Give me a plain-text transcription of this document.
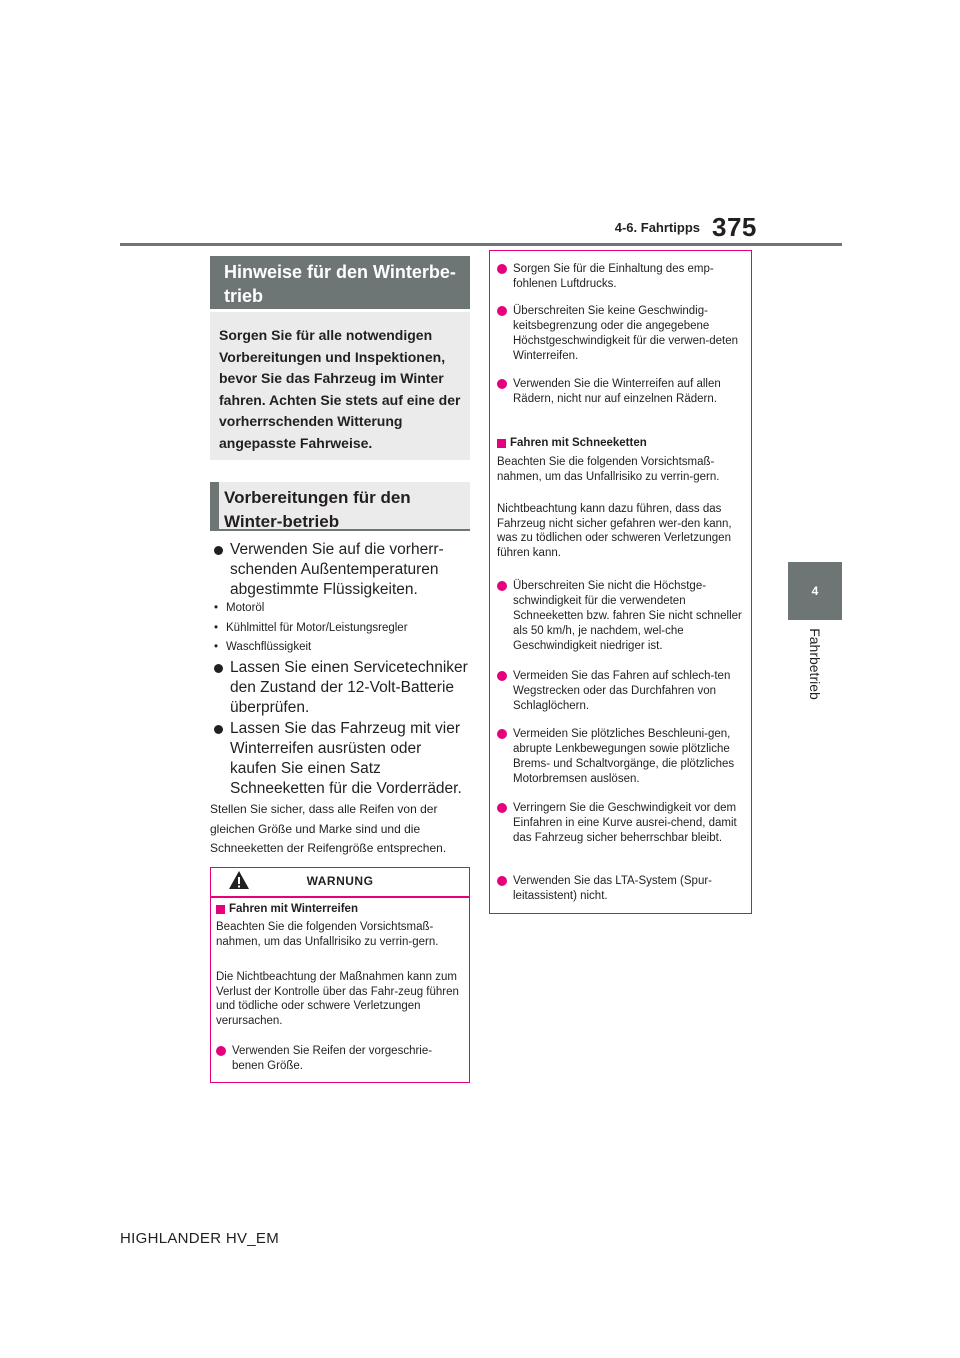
4-6. Fahrtipps 375
4
Fahrbetrieb
Hinweise für den Winterbe-trieb
Sorgen Sie für alle notwendigen Vorbereitungen und Inspektionen, bevor Sie das Fahrzeug im Winter fahren. Achten Sie stets auf eine der vorherrschenden Witterung angepasste Fahrweise.
Vorbereitungen für den Winter-betrieb
Verwenden Sie auf die vorherr-schenden Außentemperaturen abgestimmte Flüssigkeiten.
• Motoröl
• Kühlmittel für Motor/Leistungsregler
• Waschflüssigkeit
Lassen Sie einen Servicetechniker den Zustand der 12-Volt-Batterie überprüfen.
Lassen Sie das Fahrzeug mit vier Winterreifen ausrüsten oder kaufen Sie einen Satz Schneeketten für die Vorderräder.
Stellen Sie sicher, dass alle Reifen von der gleichen Größe und Marke sind und die Schneeketten der Reifengröße entsprechen.
WARNUNG
Fahren mit Winterreifen
Beachten Sie die folgenden Vorsichtsmaß-nahmen, um das Unfallrisiko zu verrin-gern.
Die Nichtbeachtung der Maßnahmen kann zum Verlust der Kontrolle über das Fahr-zeug führen und tödliche oder schwere Verletzungen verursachen.
Verwenden Sie Reifen der vorgeschrie-benen Größe.
Sorgen Sie für die Einhaltung des emp-fohlenen Luftdrucks.
Überschreiten Sie keine Geschwindig-keitsbegrenzung oder die angegebene Höchstgeschwindigkeit für die verwen-deten Winterreifen.
Verwenden Sie die Winterreifen auf allen Rädern, nicht nur auf einzelnen Rädern.
Fahren mit Schneeketten
Beachten Sie die folgenden Vorsichtsmaß-nahmen, um das Unfallrisiko zu verrin-gern.
Nichtbeachtung kann dazu führen, dass das Fahrzeug nicht sicher gefahren wer-den kann, was zu tödlichen oder schweren Verletzungen führen kann.
Überschreiten Sie nicht die Höchstge-schwindigkeit für die verwendeten Schneeketten bzw. fahren Sie nicht schneller als 50 km/h, je nachdem, wel-che Geschwindigkeit niedriger ist.
Vermeiden Sie das Fahren auf schlech-ten Wegstrecken oder das Durchfahren von Schlaglöchern.
Vermeiden Sie plötzliches Beschleuni-gen, abrupte Lenkbewegungen sowie plötzliche Brems- und Schaltvorgänge, die plötzliches Motorbremsen auslösen.
Verringern Sie die Geschwindigkeit vor dem Einfahren in eine Kurve ausrei-chend, damit das Fahrzeug sicher beherrschbar bleibt.
Verwenden Sie das LTA-System (Spur-leitassistent) nicht.
HIGHLANDER HV_EM
